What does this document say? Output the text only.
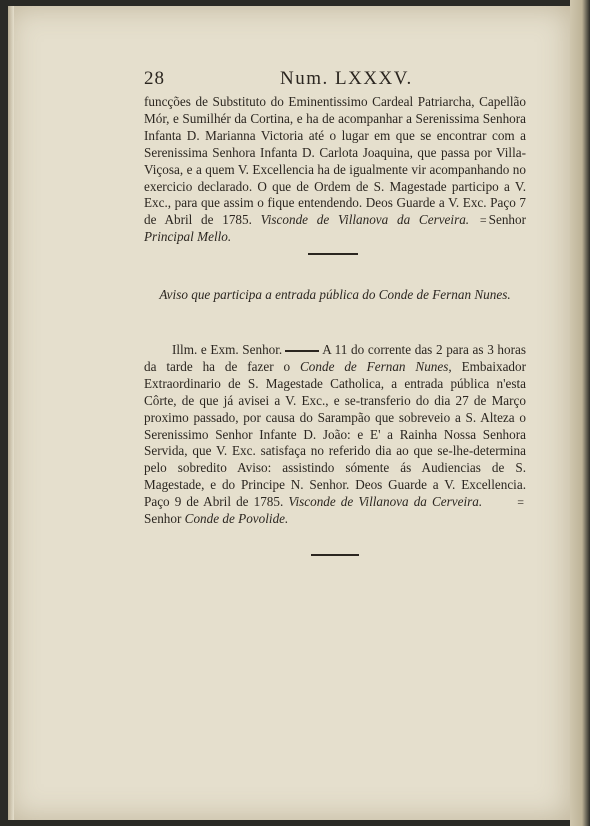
28	Num. LXXXV.
funcções de Substituto do Eminentissimo Cardeal Patriarcha, Capellão Mór, e Sumilhér da Cortina, e ha de acompanhar a Serenissima Senhora Infanta D. Marianna Victoria até o lugar em que se encontrar com a Serenissima Senhora Infanta D. Carlota Joaquina, que passa por Villa-Viçosa, e a quem V. Excellencia ha de igualmente vir acompanhando no exercicio declarado. O que de Ordem de S. Magestade participo a V. Exc., para que assim o fique entendendo. Deos Guarde a V. Exc. Paço 7 de Abril de 1785. Visconde de Villanova da Cerveira. = Senhor Principal Mello.
Aviso que participa a entrada pública do Conde de Fernan Nunes.
Illm. e Exm. Senhor.	A 11 do corrente das 2 para as 3 horas da tarde ha de fazer o Conde de Fernan Nunes, Embaixador Extraordinario de S. Magestade Catholica, a entrada pública n'esta Côrte, de que já avisei a V. Exc., e se-transferio do dia 27 de Março proximo passado, por causa do Sarampão que sobreveio a S. Alteza o Serenissimo Senhor Infante D. João: e E' a Rainha Nossa Senhora Servida, que V. Exc. satisfaça no referido dia ao que se-lhe-determina pelo sobredito Aviso: assistindo sómente ás Audiencias de S. Magestade, e do Principe N. Senhor. Deos Guarde a V. Excellencia. Paço 9 de Abril de 1785. Visconde de Villanova da Cerveira.	=Senhor Conde de Povolide.
